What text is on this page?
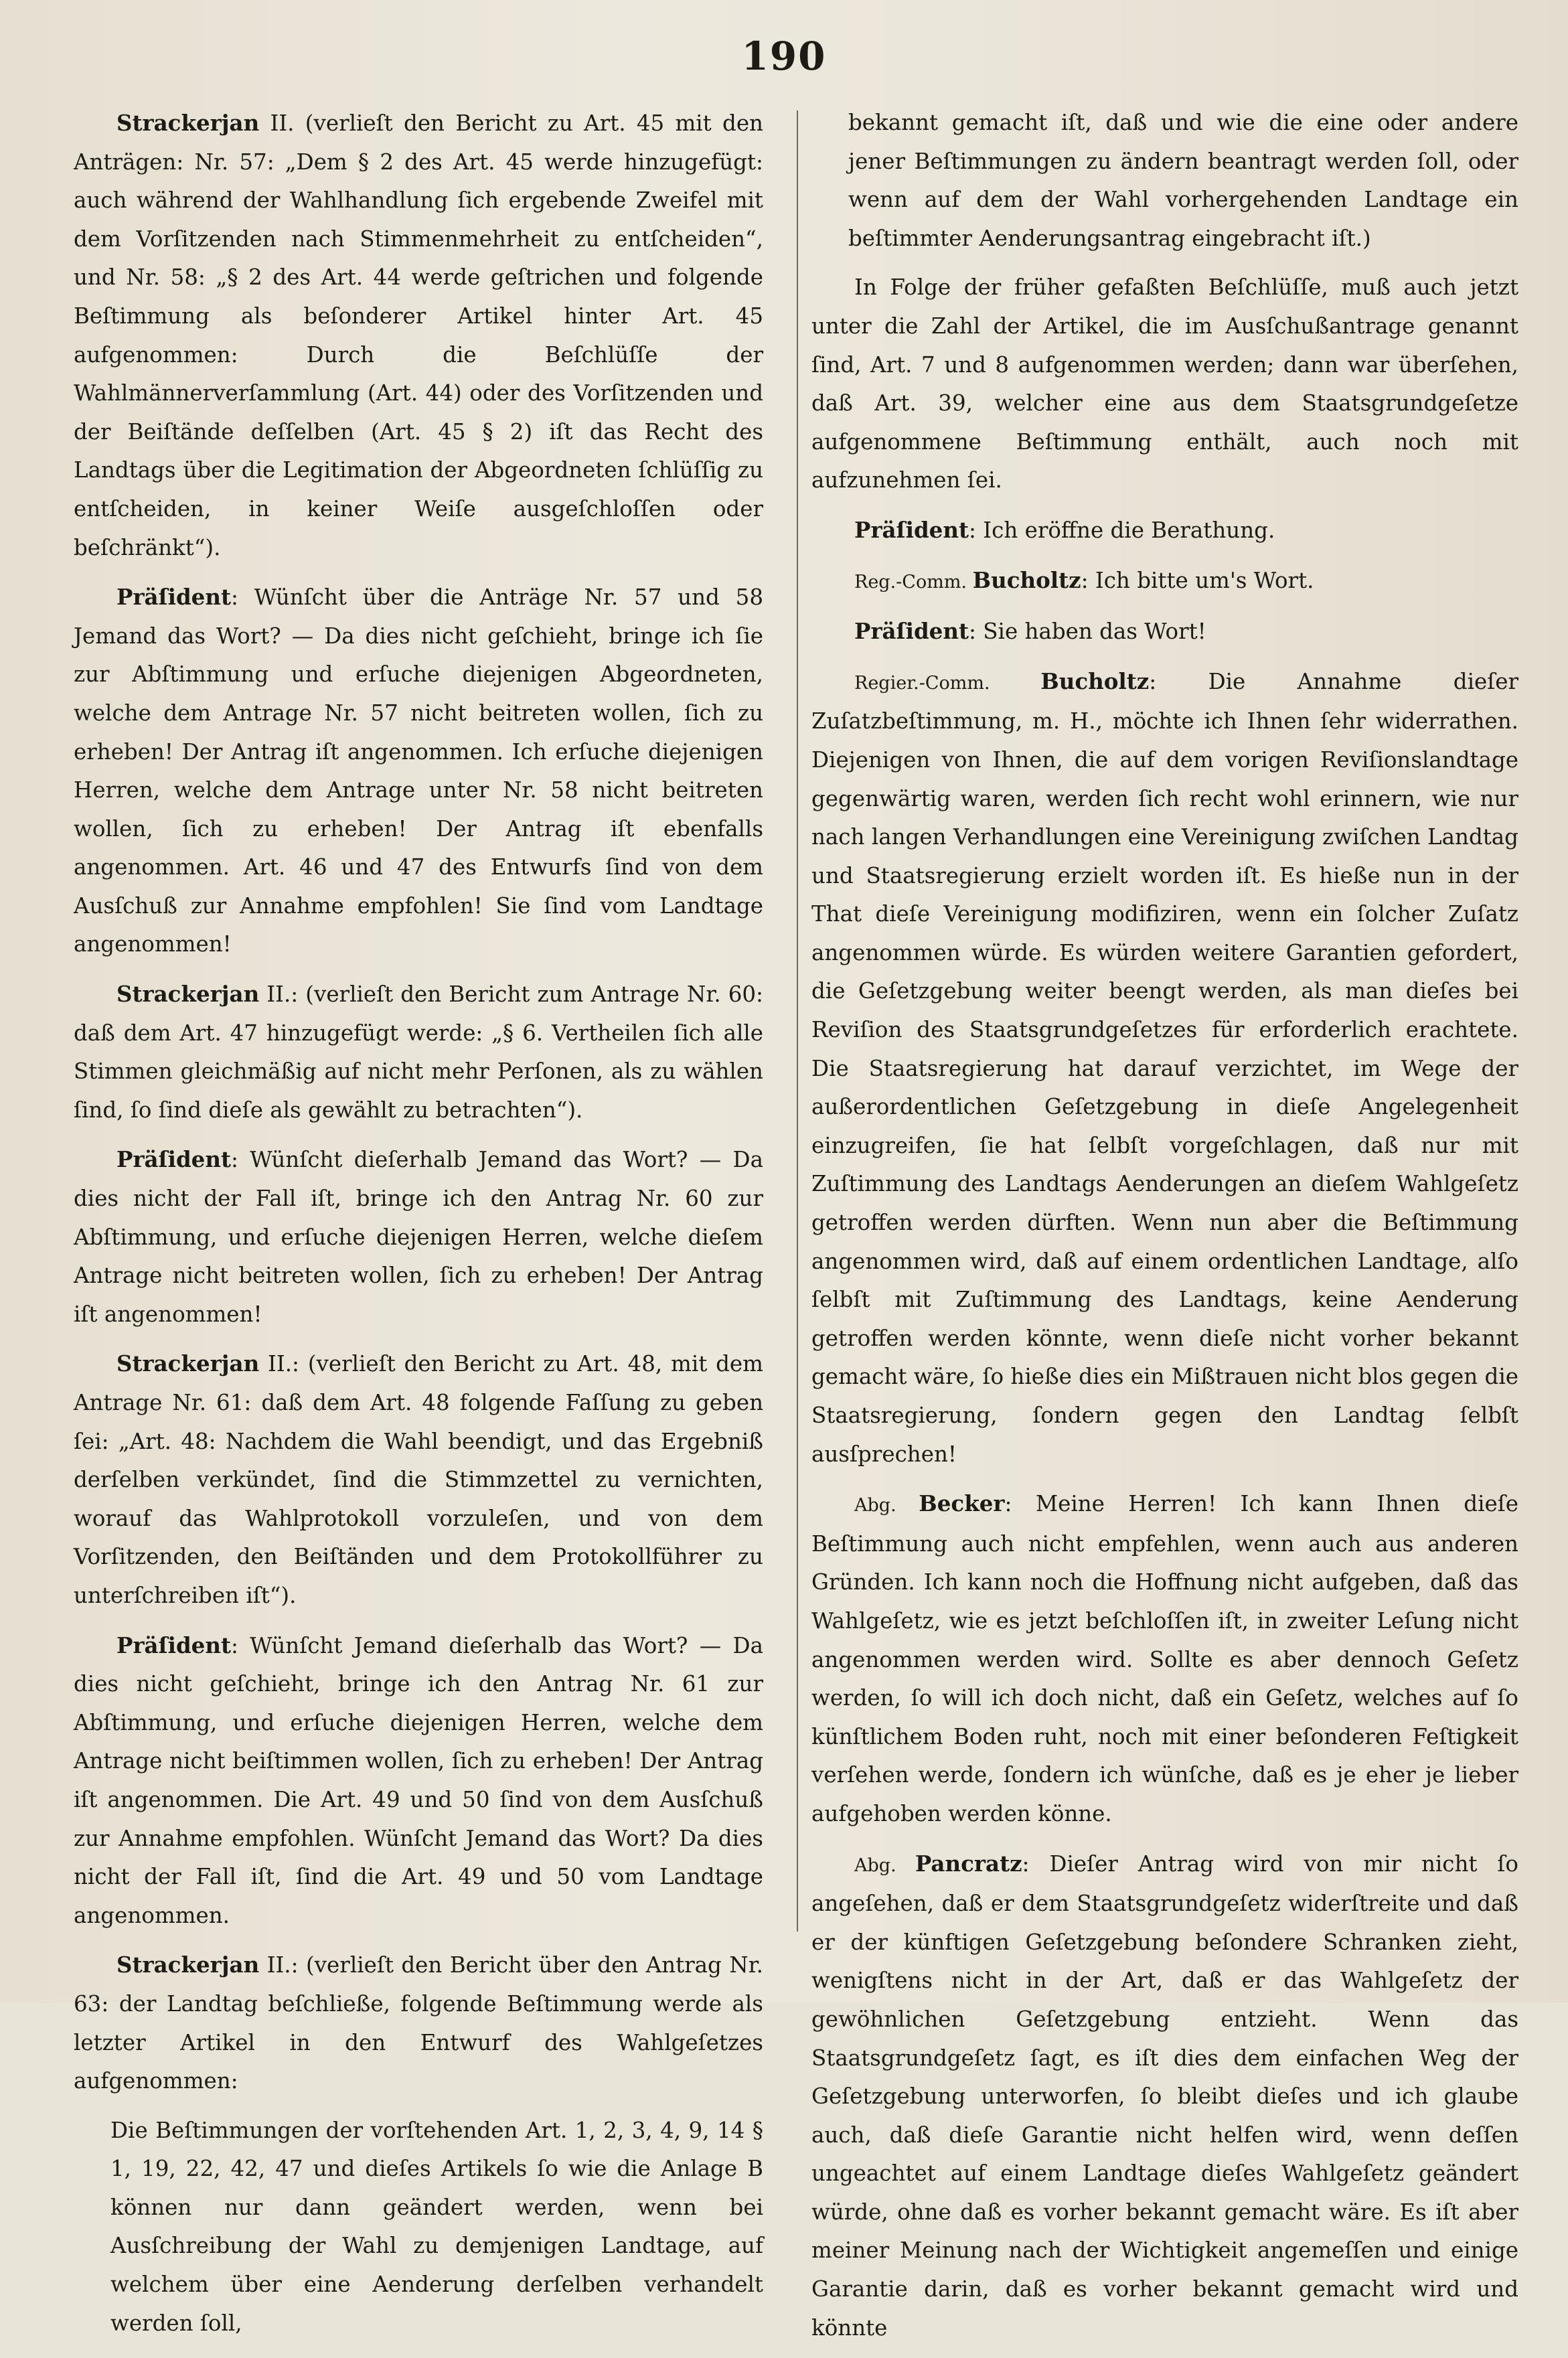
190

Strackerjan II. (verlieſt den Bericht zu Art. 45 mit den Anträgen: Nr. 57: „Dem § 2 des Art. 45 werde hinzugefügt: auch während der Wahlhandlung ſich ergebende Zweifel mit dem Vorſitzenden nach Stimmenmehrheit zu entſcheiden“, und Nr. 58: „§ 2 des Art. 44 werde geſtrichen und folgende Beſtimmung als beſonderer Artikel hinter Art. 45 aufgenommen: Durch die Beſchlüſſe der Wahlmännerverſammlung (Art. 44) oder des Vorſitzenden und der Beiſtände deſſelben (Art. 45 § 2) iſt das Recht des Landtags über die Legitimation der Abgeordneten ſchlüſſig zu entſcheiden, in keiner Weiſe ausgeſchloſſen oder beſchränkt“).

Präſident: Wünſcht über die Anträge Nr. 57 und 58 Jemand das Wort? — Da dies nicht geſchieht, bringe ich ſie zur Abſtimmung und erſuche diejenigen Abgeordneten, welche dem Antrage Nr. 57 nicht beitreten wollen, ſich zu erheben! Der Antrag iſt angenommen. Ich erſuche diejenigen Herren, welche dem Antrage unter Nr. 58 nicht beitreten wollen, ſich zu erheben! Der Antrag iſt ebenfalls angenommen. Art. 46 und 47 des Entwurfs ſind von dem Ausſchuß zur Annahme empfohlen! Sie ſind vom Landtage angenommen!

Strackerjan II.: (verlieſt den Bericht zum Antrage Nr. 60: daß dem Art. 47 hinzugefügt werde: „§ 6. Vertheilen ſich alle Stimmen gleichmäßig auf nicht mehr Perſonen, als zu wählen ſind, ſo ſind dieſe als gewählt zu betrachten“).

Präſident: Wünſcht dieſerhalb Jemand das Wort? — Da dies nicht der Fall iſt, bringe ich den Antrag Nr. 60 zur Abſtimmung, und erſuche diejenigen Herren, welche dieſem Antrage nicht beitreten wollen, ſich zu erheben! Der Antrag iſt angenommen!

Strackerjan II.: (verlieſt den Bericht zu Art. 48, mit dem Antrage Nr. 61: daß dem Art. 48 folgende Faſſung zu geben ſei: „Art. 48: Nachdem die Wahl beendigt, und das Ergebniß derſelben verkündet, ſind die Stimmzettel zu vernichten, worauf das Wahlprotokoll vorzuleſen, und von dem Vorſitzenden, den Beiſtänden und dem Protokollführer zu unterſchreiben iſt“).

Präſident: Wünſcht Jemand dieſerhalb das Wort? — Da dies nicht geſchieht, bringe ich den Antrag Nr. 61 zur Abſtimmung, und erſuche diejenigen Herren, welche dem Antrage nicht beiſtimmen wollen, ſich zu erheben! Der Antrag iſt angenommen. Die Art. 49 und 50 ſind von dem Ausſchuß zur Annahme empfohlen. Wünſcht Jemand das Wort? Da dies nicht der Fall iſt, ſind die Art. 49 und 50 vom Landtage angenommen.

Strackerjan II.: (verlieſt den Bericht über den Antrag Nr. 63: der Landtag beſchließe, folgende Beſtimmung werde als letzter Artikel in den Entwurf des Wahlgeſetzes aufgenommen:

Die Beſtimmungen der vorſtehenden Art. 1, 2, 3, 4, 9, 14 § 1, 19, 22, 42, 47 und dieſes Artikels ſo wie die Anlage B können nur dann geändert werden, wenn bei Ausſchreibung der Wahl zu demjenigen Landtage, auf welchem über eine Aenderung derſelben verhandelt werden ſoll,

bekannt gemacht iſt, daß und wie die eine oder andere jener Beſtimmungen zu ändern beantragt werden ſoll, oder wenn auf dem der Wahl vorhergehenden Landtage ein beſtimmter Aenderungsantrag eingebracht iſt.)

In Folge der früher gefaßten Beſchlüſſe, muß auch jetzt unter die Zahl der Artikel, die im Ausſchußantrage genannt ſind, Art. 7 und 8 aufgenommen werden; dann war überſehen, daß Art. 39, welcher eine aus dem Staatsgrundgeſetze aufgenommene Beſtimmung enthält, auch noch mit aufzunehmen ſei.

Präſident: Ich eröffne die Berathung.

Reg.-Comm. Bucholtz: Ich bitte um's Wort.

Präſident: Sie haben das Wort!

Regier.-Comm. Bucholtz: Die Annahme dieſer Zuſatzbeſtimmung, m. H., möchte ich Ihnen ſehr widerrathen. Diejenigen von Ihnen, die auf dem vorigen Reviſionslandtage gegenwärtig waren, werden ſich recht wohl erinnern, wie nur nach langen Verhandlungen eine Vereinigung zwiſchen Landtag und Staatsregierung erzielt worden iſt. Es hieße nun in der That dieſe Vereinigung modifiziren, wenn ein ſolcher Zuſatz angenommen würde. Es würden weitere Garantien gefordert, die Geſetzgebung weiter beengt werden, als man dieſes bei Reviſion des Staatsgrundgeſetzes für erforderlich erachtete. Die Staatsregierung hat darauf verzichtet, im Wege der außerordentlichen Geſetzgebung in dieſe Angelegenheit einzugreifen, ſie hat ſelbſt vorgeſchlagen, daß nur mit Zuſtimmung des Landtags Aenderungen an dieſem Wahlgeſetz getroffen werden dürften. Wenn nun aber die Beſtimmung angenommen wird, daß auf einem ordentlichen Landtage, alſo ſelbſt mit Zuſtimmung des Landtags, keine Aenderung getroffen werden könnte, wenn dieſe nicht vorher bekannt gemacht wäre, ſo hieße dies ein Mißtrauen nicht blos gegen die Staatsregierung, ſondern gegen den Landtag ſelbſt ausſprechen!

Abg. Becker: Meine Herren! Ich kann Ihnen dieſe Beſtimmung auch nicht empfehlen, wenn auch aus anderen Gründen. Ich kann noch die Hoffnung nicht aufgeben, daß das Wahlgeſetz, wie es jetzt beſchloſſen iſt, in zweiter Leſung nicht angenommen werden wird. Sollte es aber dennoch Geſetz werden, ſo will ich doch nicht, daß ein Geſetz, welches auf ſo künſtlichem Boden ruht, noch mit einer beſonderen Feſtigkeit verſehen werde, ſondern ich wünſche, daß es je eher je lieber aufgehoben werden könne.

Abg. Pancratz: Dieſer Antrag wird von mir nicht ſo angeſehen, daß er dem Staatsgrundgeſetz widerſtreite und daß er der künftigen Geſetzgebung beſondere Schranken zieht, wenigſtens nicht in der Art, daß er das Wahlgeſetz der gewöhnlichen Geſetzgebung entzieht. Wenn das Staatsgrundgeſetz ſagt, es iſt dies dem einfachen Weg der Geſetzgebung unterworfen, ſo bleibt dieſes und ich glaube auch, daß dieſe Garantie nicht helfen wird, wenn deſſen ungeachtet auf einem Landtage dieſes Wahlgeſetz geändert würde, ohne daß es vorher bekannt gemacht wäre. Es iſt aber meiner Meinung nach der Wichtigkeit angemeſſen und einige Garantie darin, daß es vorher bekannt gemacht wird und könnte
